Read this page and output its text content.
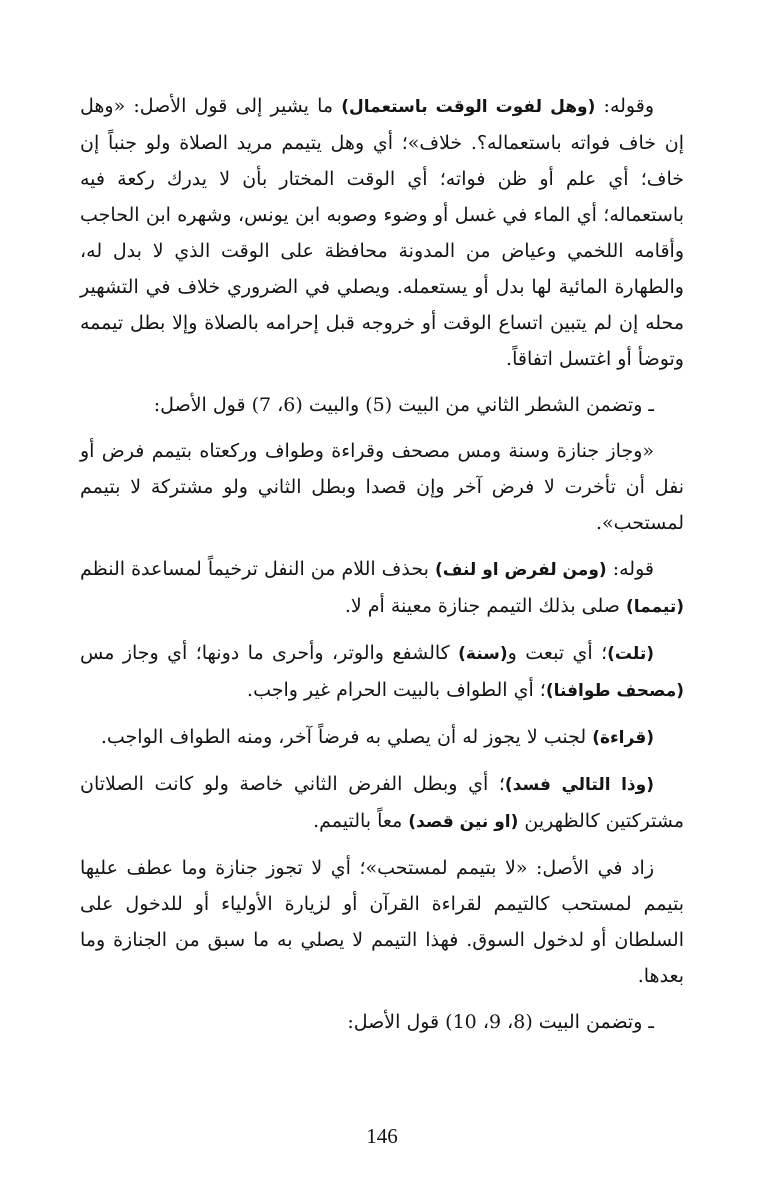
وقوله: (وهل لفوت الوقت باستعمال) ما يشير إلى قول الأصل: «وهل إن خاف فواته باستعماله؟. خلاف»؛ أي وهل يتيمم مريد الصلاة ولو جنباً إن خاف؛ أي علم أو ظن فواته؛ أي الوقت المختار بأن لا يدرك ركعة فيه باستعماله؛ أي الماء في غسل أو وضوء وصوبه ابن يونس، وشهره ابن الحاجب وأقامه اللخمي وعياض من المدونة محافظة على الوقت الذي لا بدل له، والطهارة المائية لها بدل أو يستعمله. ويصلي في الضروري خلاف في التشهير محله إن لم يتبين اتساع الوقت أو خروجه قبل إحرامه بالصلاة وإلا بطل تيممه وتوضأ أو اغتسل اتفاقاً.

ـ وتضمن الشطر الثاني من البيت (5) والبيت (6، 7) قول الأصل:

«وجاز جنازة وسنة ومس مصحف وقراءة وطواف وركعتاه بتيمم فرض أو نفل أن تأخرت لا فرض آخر وإن قصدا وبطل الثاني ولو مشتركة لا بتيمم لمستحب».

قوله: (ومن لفرض او لنف) بحذف اللام من النفل ترخيماً لمساعدة النظم (تيمما) صلى بذلك التيمم جنازة معينة أم لا.

(تلت)؛ أي تبعت و(سنة) كالشفع والوتر، وأحرى ما دونها؛ أي وجاز مس (مصحف طوافنا)؛ أي الطواف بالبيت الحرام غير واجب.

(قراءة) لجنب لا يجوز له أن يصلي به فرضاً آخر، ومنه الطواف الواجب.

(وذا التالي فسد)؛ أي وبطل الفرض الثاني خاصة ولو كانت الصلاتان مشتركتين كالظهرين (او نين قصد) معاً بالتيمم.

زاد في الأصل: «لا بتيمم لمستحب»؛ أي لا تجوز جنازة وما عطف عليها بتيمم لمستحب كالتيمم لقراءة القرآن أو لزيارة الأولياء أو للدخول على السلطان أو لدخول السوق. فهذا التيمم لا يصلي به ما سبق من الجنازة وما بعدها.

ـ وتضمن البيت (8، 9، 10) قول الأصل:

146
